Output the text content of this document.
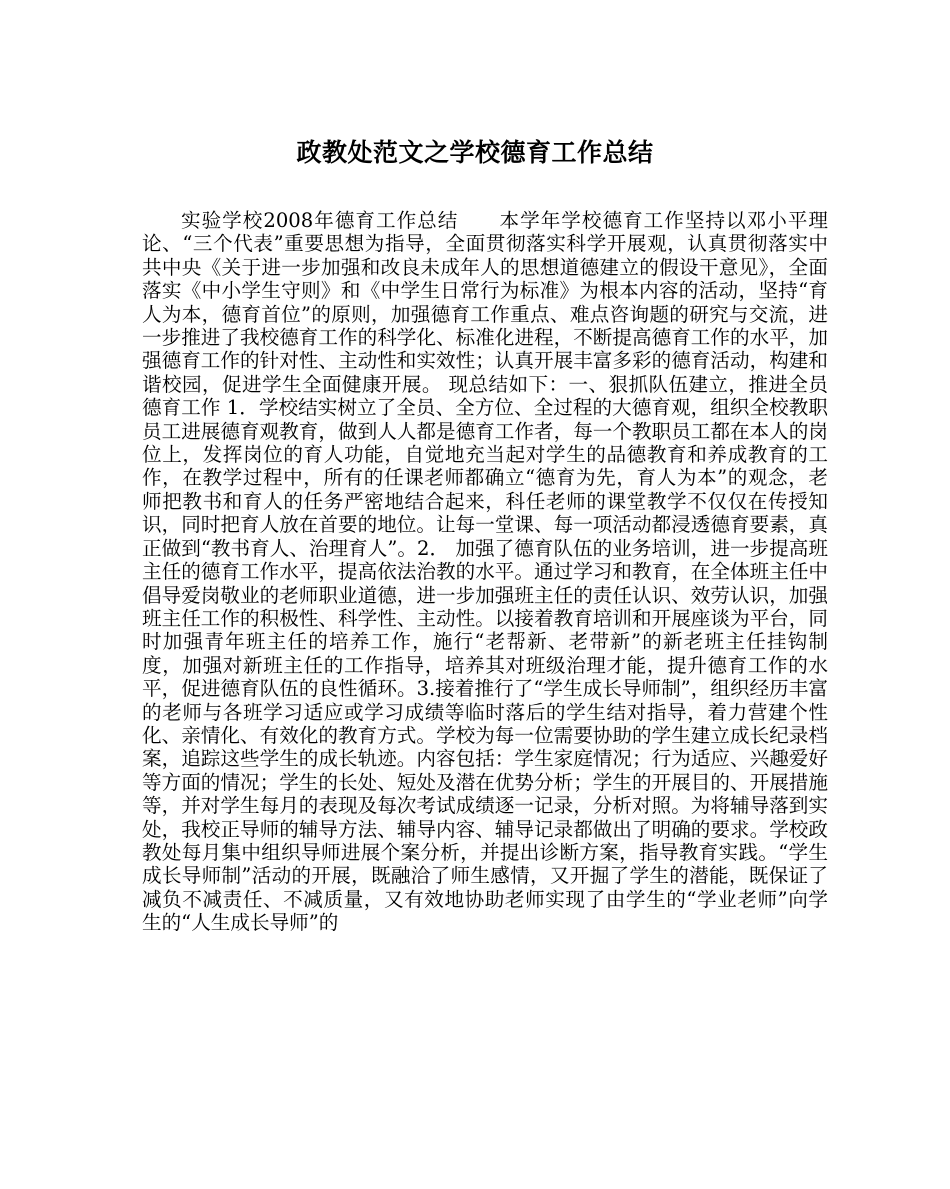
政教处范文之学校德育工作总结

实验学校2008年德育工作总结　　本学年学校德育工作坚持以邓小平理论、“三个代表”重要思想为指导，全面贯彻落实科学开展观，认真贯彻落实中共中央《关于进一步加强和改良未成年人的思想道德建立的假设干意见》，全面落实《中小学生守则》和《中学生日常行为标准》为根本内容的活动，坚持“育人为本，德育首位”的原则，加强德育工作重点、难点咨询题的研究与交流，进一步推进了我校德育工作的科学化、标准化进程，不断提高德育工作的水平，加强德育工作的针对性、主动性和实效性；认真开展丰富多彩的德育活动，构建和谐校园，促进学生全面健康开展。 现总结如下：一、狠抓队伍建立，推进全员德育工作 1．学校结实树立了全员、全方位、全过程的大德育观，组织全校教职员工进展德育观教育，做到人人都是德育工作者，每一个教职员工都在本人的岗位上，发挥岗位的育人功能，自觉地充当起对学生的品德教育和养成教育的工作，在教学过程中，所有的任课老师都确立“德育为先，育人为本”的观念，老师把教书和育人的任务严密地结合起来，科任老师的课堂教学不仅仅在传授知识，同时把育人放在首要的地位。让每一堂课、每一项活动都浸透德育要素，真正做到“教书育人、治理育人”。2． 加强了德育队伍的业务培训，进一步提高班主任的德育工作水平，提高依法治教的水平。通过学习和教育，在全体班主任中倡导爱岗敬业的老师职业道德，进一步加强班主任的责任认识、效劳认识，加强班主任工作的积极性、科学性、主动性。以接着教育培训和开展座谈为平台，同时加强青年班主任的培养工作，施行“老帮新、老带新”的新老班主任挂钩制度，加强对新班主任的工作指导，培养其对班级治理才能，提升德育工作的水平，促进德育队伍的良性循环。3.接着推行了“学生成长导师制”，组织经历丰富的老师与各班学习适应或学习成绩等临时落后的学生结对指导，着力营建个性化、亲情化、有效化的教育方式。学校为每一位需要协助的学生建立成长纪录档案，追踪这些学生的成长轨迹。内容包括：学生家庭情况；行为适应、兴趣爱好等方面的情况；学生的长处、短处及潜在优势分析；学生的开展目的、开展措施等，并对学生每月的表现及每次考试成绩逐一记录，分析对照。为将辅导落到实处，我校正导师的辅导方法、辅导内容、辅导记录都做出了明确的要求。学校政教处每月集中组织导师进展个案分析，并提出诊断方案，指导教育实践。“学生成长导师制”活动的开展，既融洽了师生感情，又开掘了学生的潜能，既保证了减负不减责任、不减质量，又有效地协助老师实现了由学生的“学业老师”向学生的“人生成长导师”的
